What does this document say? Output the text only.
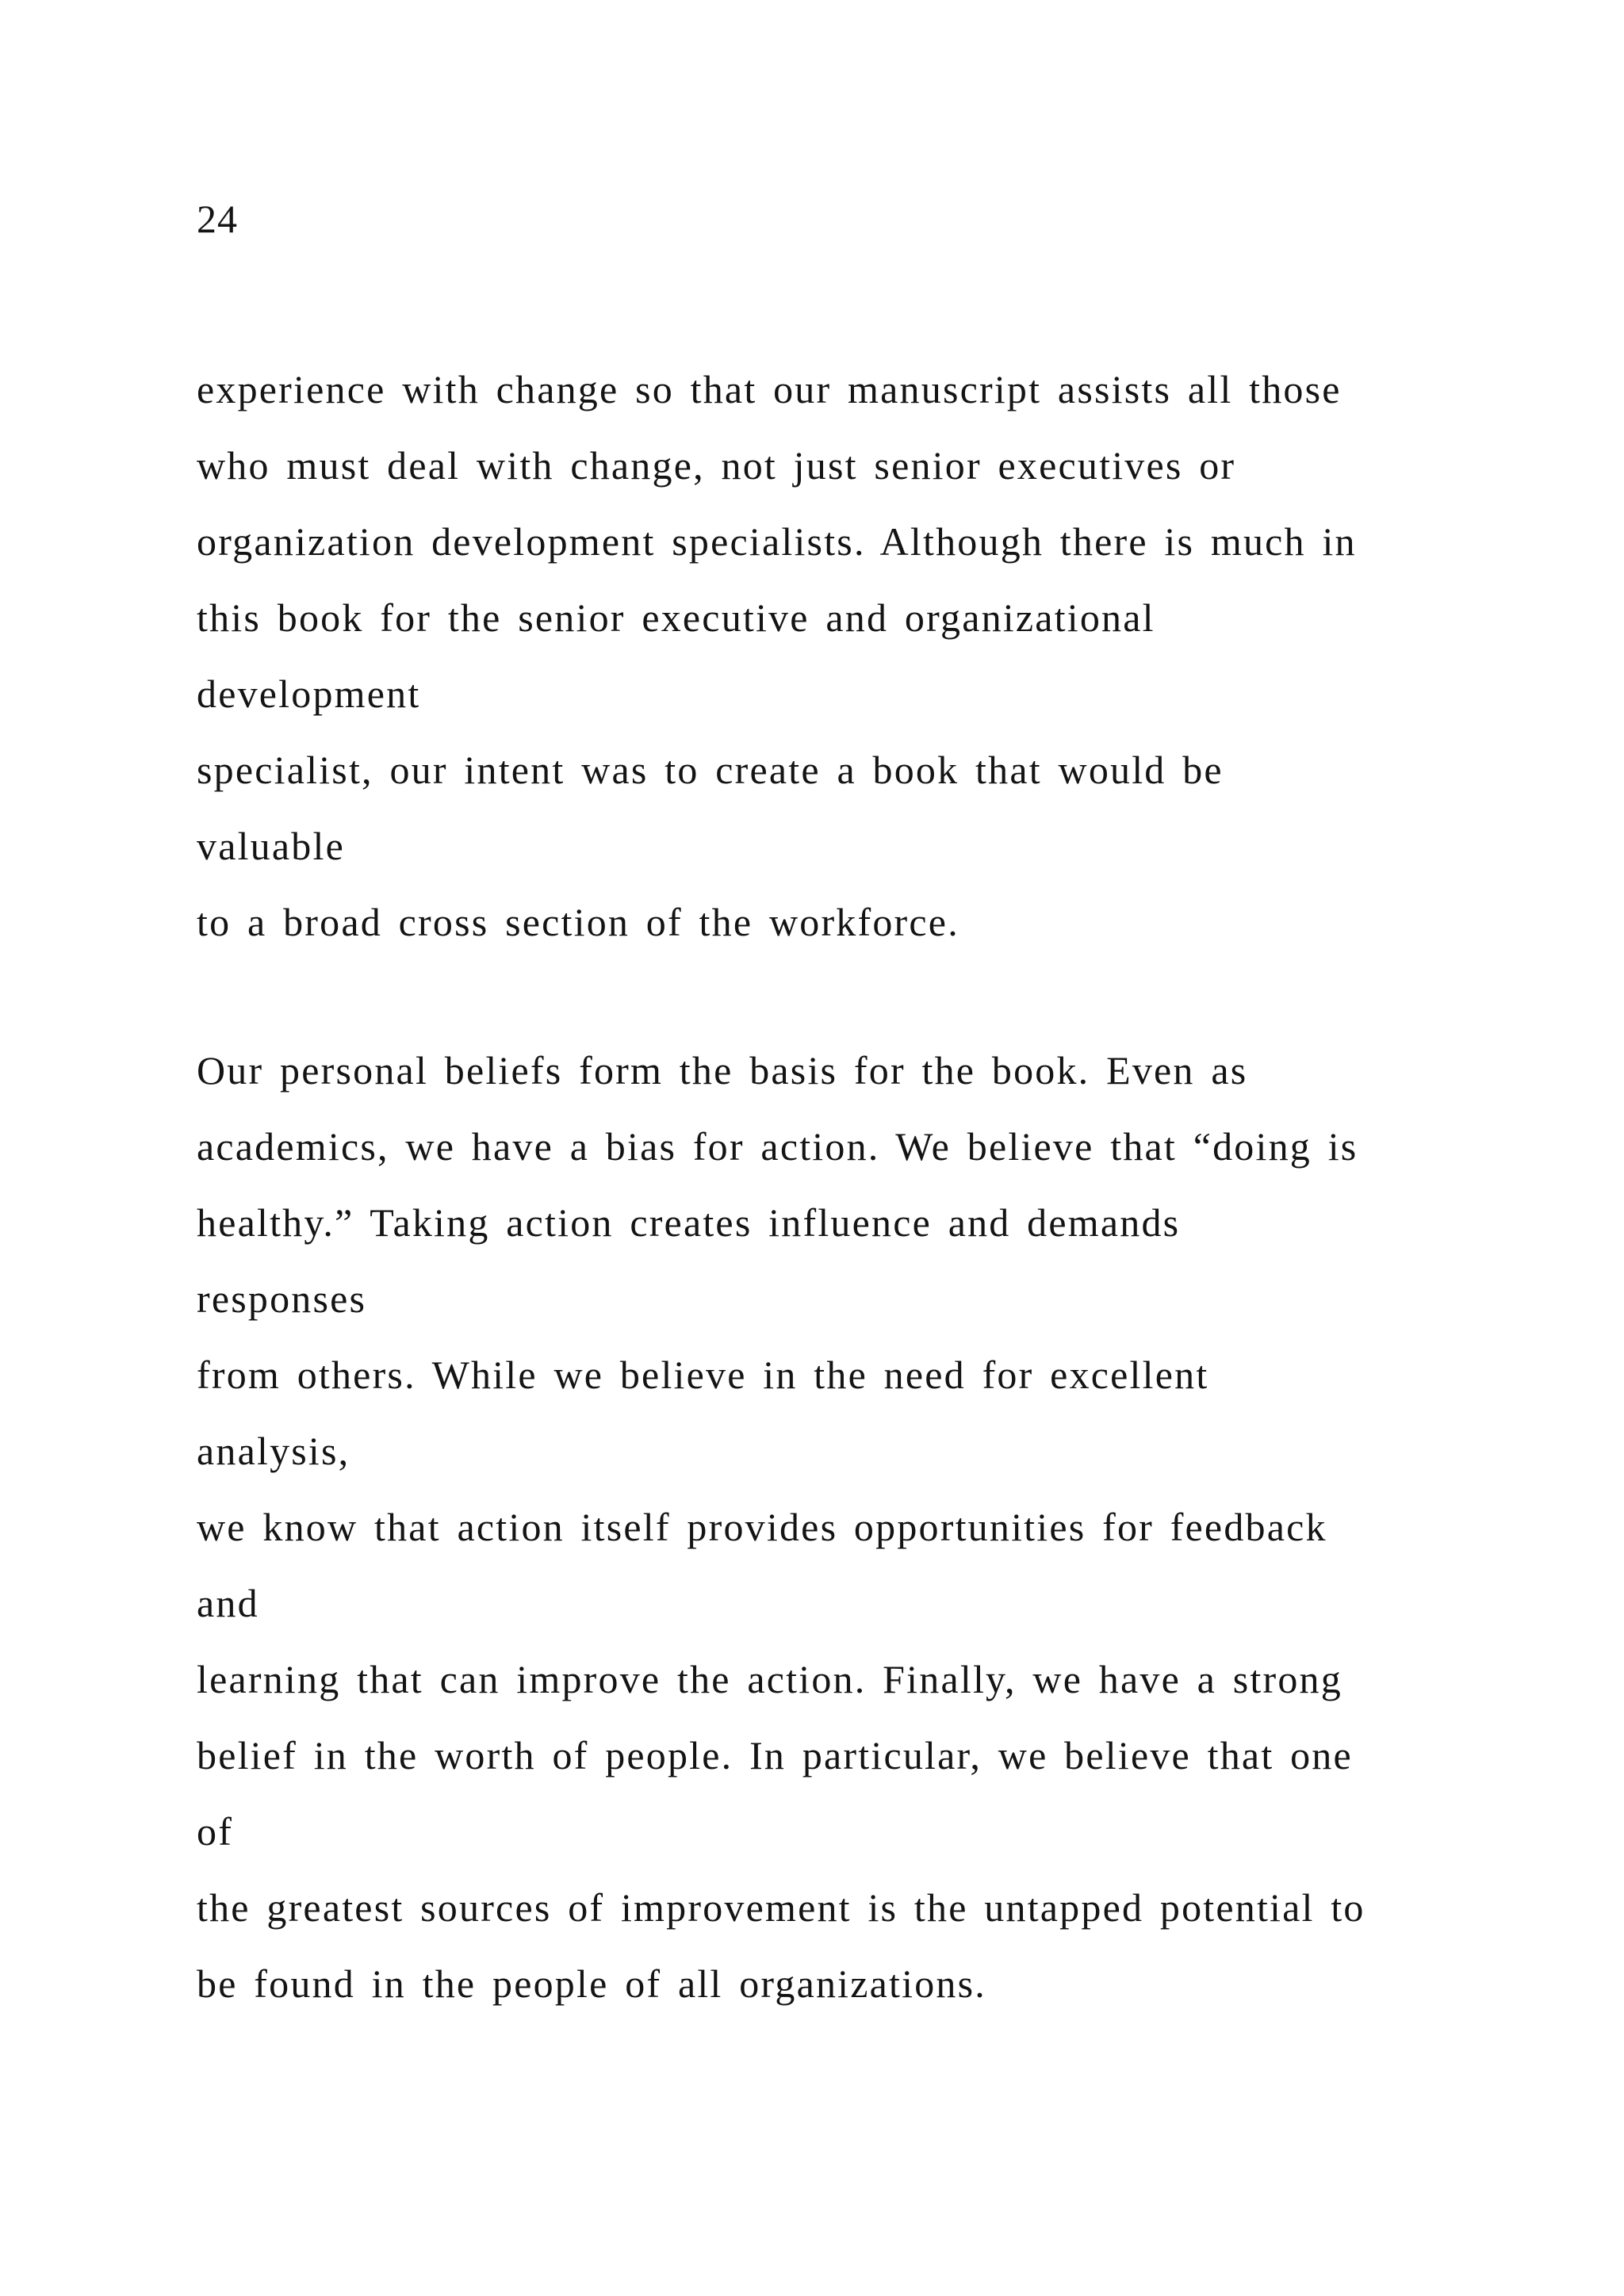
24
experience with change so that our manuscript assists all those
who must deal with change, not just senior executives or
organization development specialists. Although there is much in
this book for the senior executive and organizational
development
specialist, our intent was to create a book that would be
valuable
to a broad cross section of the workforce.
Our personal beliefs form the basis for the book. Even as
academics, we have a bias for action. We believe that “doing is
healthy.” Taking action creates influence and demands
responses
from others. While we believe in the need for excellent
analysis,
we know that action itself provides opportunities for feedback
and
learning that can improve the action. Finally, we have a strong
belief in the worth of people. In particular, we believe that one
of
the greatest sources of improvement is the untapped potential to
be found in the people of all organizations.
